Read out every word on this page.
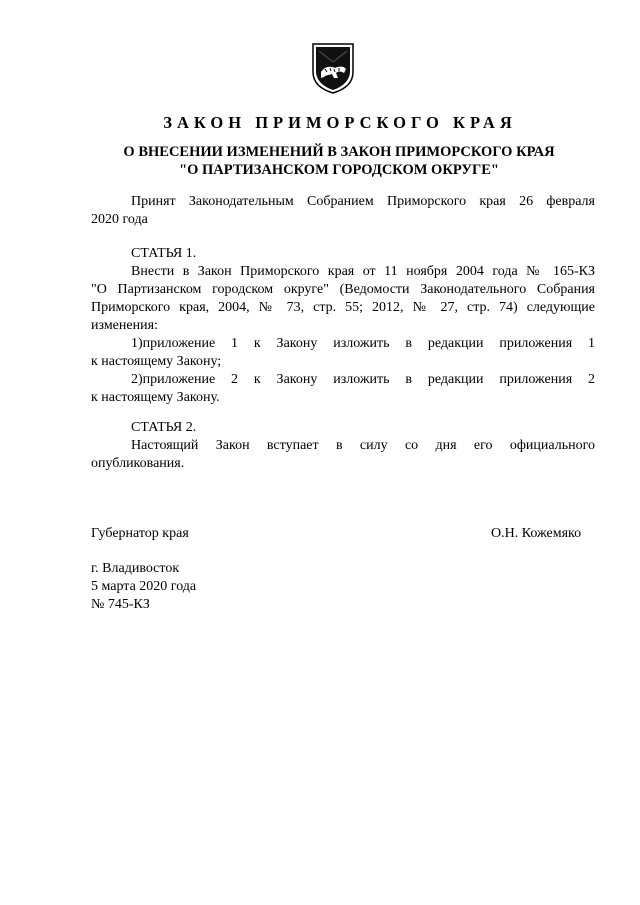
ЗАКОН ПРИМОРСКОГО КРАЯ
О ВНЕСЕНИИ ИЗМЕНЕНИЙ В ЗАКОН ПРИМОРСКОГО КРАЯ
"О ПАРТИЗАНСКОМ ГОРОДСКОМ ОКРУГЕ"
Принят Законодательным Собранием Приморского края 26 февраля
2020 года
СТАТЬЯ 1.
Внести в Закон Приморского края от 11 ноября 2004 года № 165-КЗ
"О Партизанском городском округе" (Ведомости Законодательного Собрания
Приморского края, 2004, № 73, стр. 55; 2012, № 27, стр. 74) следующие
изменения:
1)приложение 1 к Закону изложить в редакции приложения 1
к настоящему Закону;
2)приложение 2 к Закону изложить в редакции приложения 2
к настоящему Закону.
СТАТЬЯ 2.
Настоящий Закон вступает в силу со дня его официального
опубликования.
Губернатор края	О.Н. Кожемяко
г. Владивосток
5 марта 2020 года
№ 745-КЗ
